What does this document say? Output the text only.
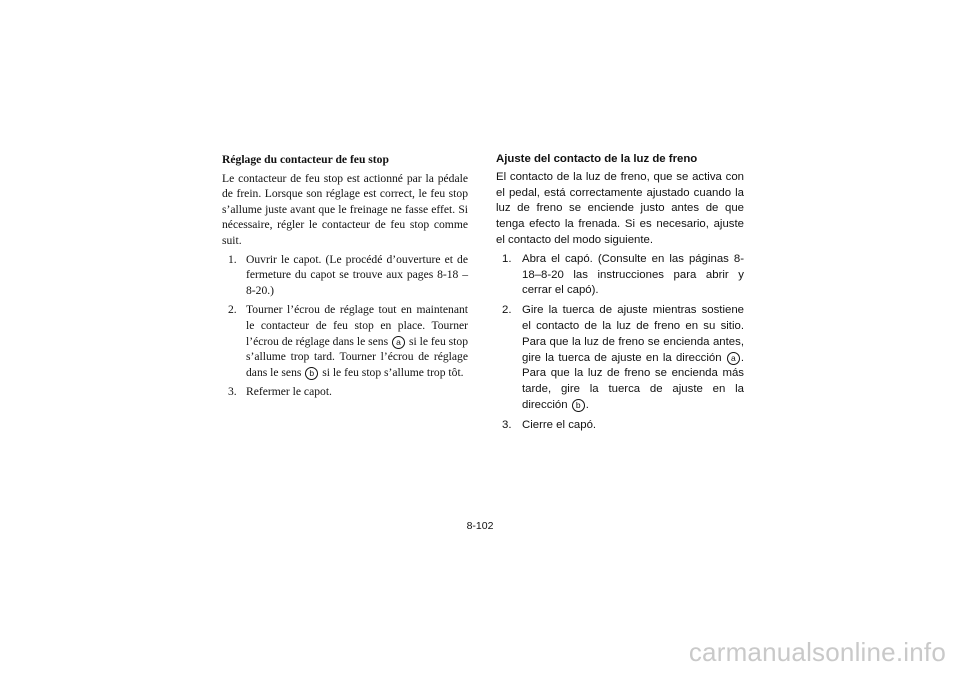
Réglage du contacteur de feu stop

Le contacteur de feu stop est actionné par la pédale de frein. Lorsque son réglage est correct, le feu stop s’allume juste avant que le freinage ne fasse effet. Si nécessaire, régler le contacteur de feu stop comme suit.

1. Ouvrir le capot. (Le procédé d’ouverture et de fermeture du capot se trouve aux pages 8-18 – 8-20.)
2. Tourner l’écrou de réglage tout en maintenant le contacteur de feu stop en place. Tourner l’écrou de réglage dans le sens a si le feu stop s’allume trop tard. Tourner l’écrou de réglage dans le sens b si le feu stop s’allume trop tôt.
3. Refermer le capot.
Ajuste del contacto de la luz de freno

El contacto de la luz de freno, que se activa con el pedal, está correctamente ajustado cuando la luz de freno se enciende justo antes de que tenga efecto la frenada. Si es necesario, ajuste el contacto del modo siguiente.

1. Abra el capó. (Consulte en las páginas 8-18–8-20 las instrucciones para abrir y cerrar el capó).
2. Gire la tuerca de ajuste mientras sostiene el contacto de la luz de freno en su sitio. Para que la luz de freno se encienda antes, gire la tuerca de ajuste en la dirección a . Para que la luz de freno se encienda más tarde, gire la tuerca de ajuste en la dirección b .
3. Cierre el capó.
8-102
carmanualsonline.info
